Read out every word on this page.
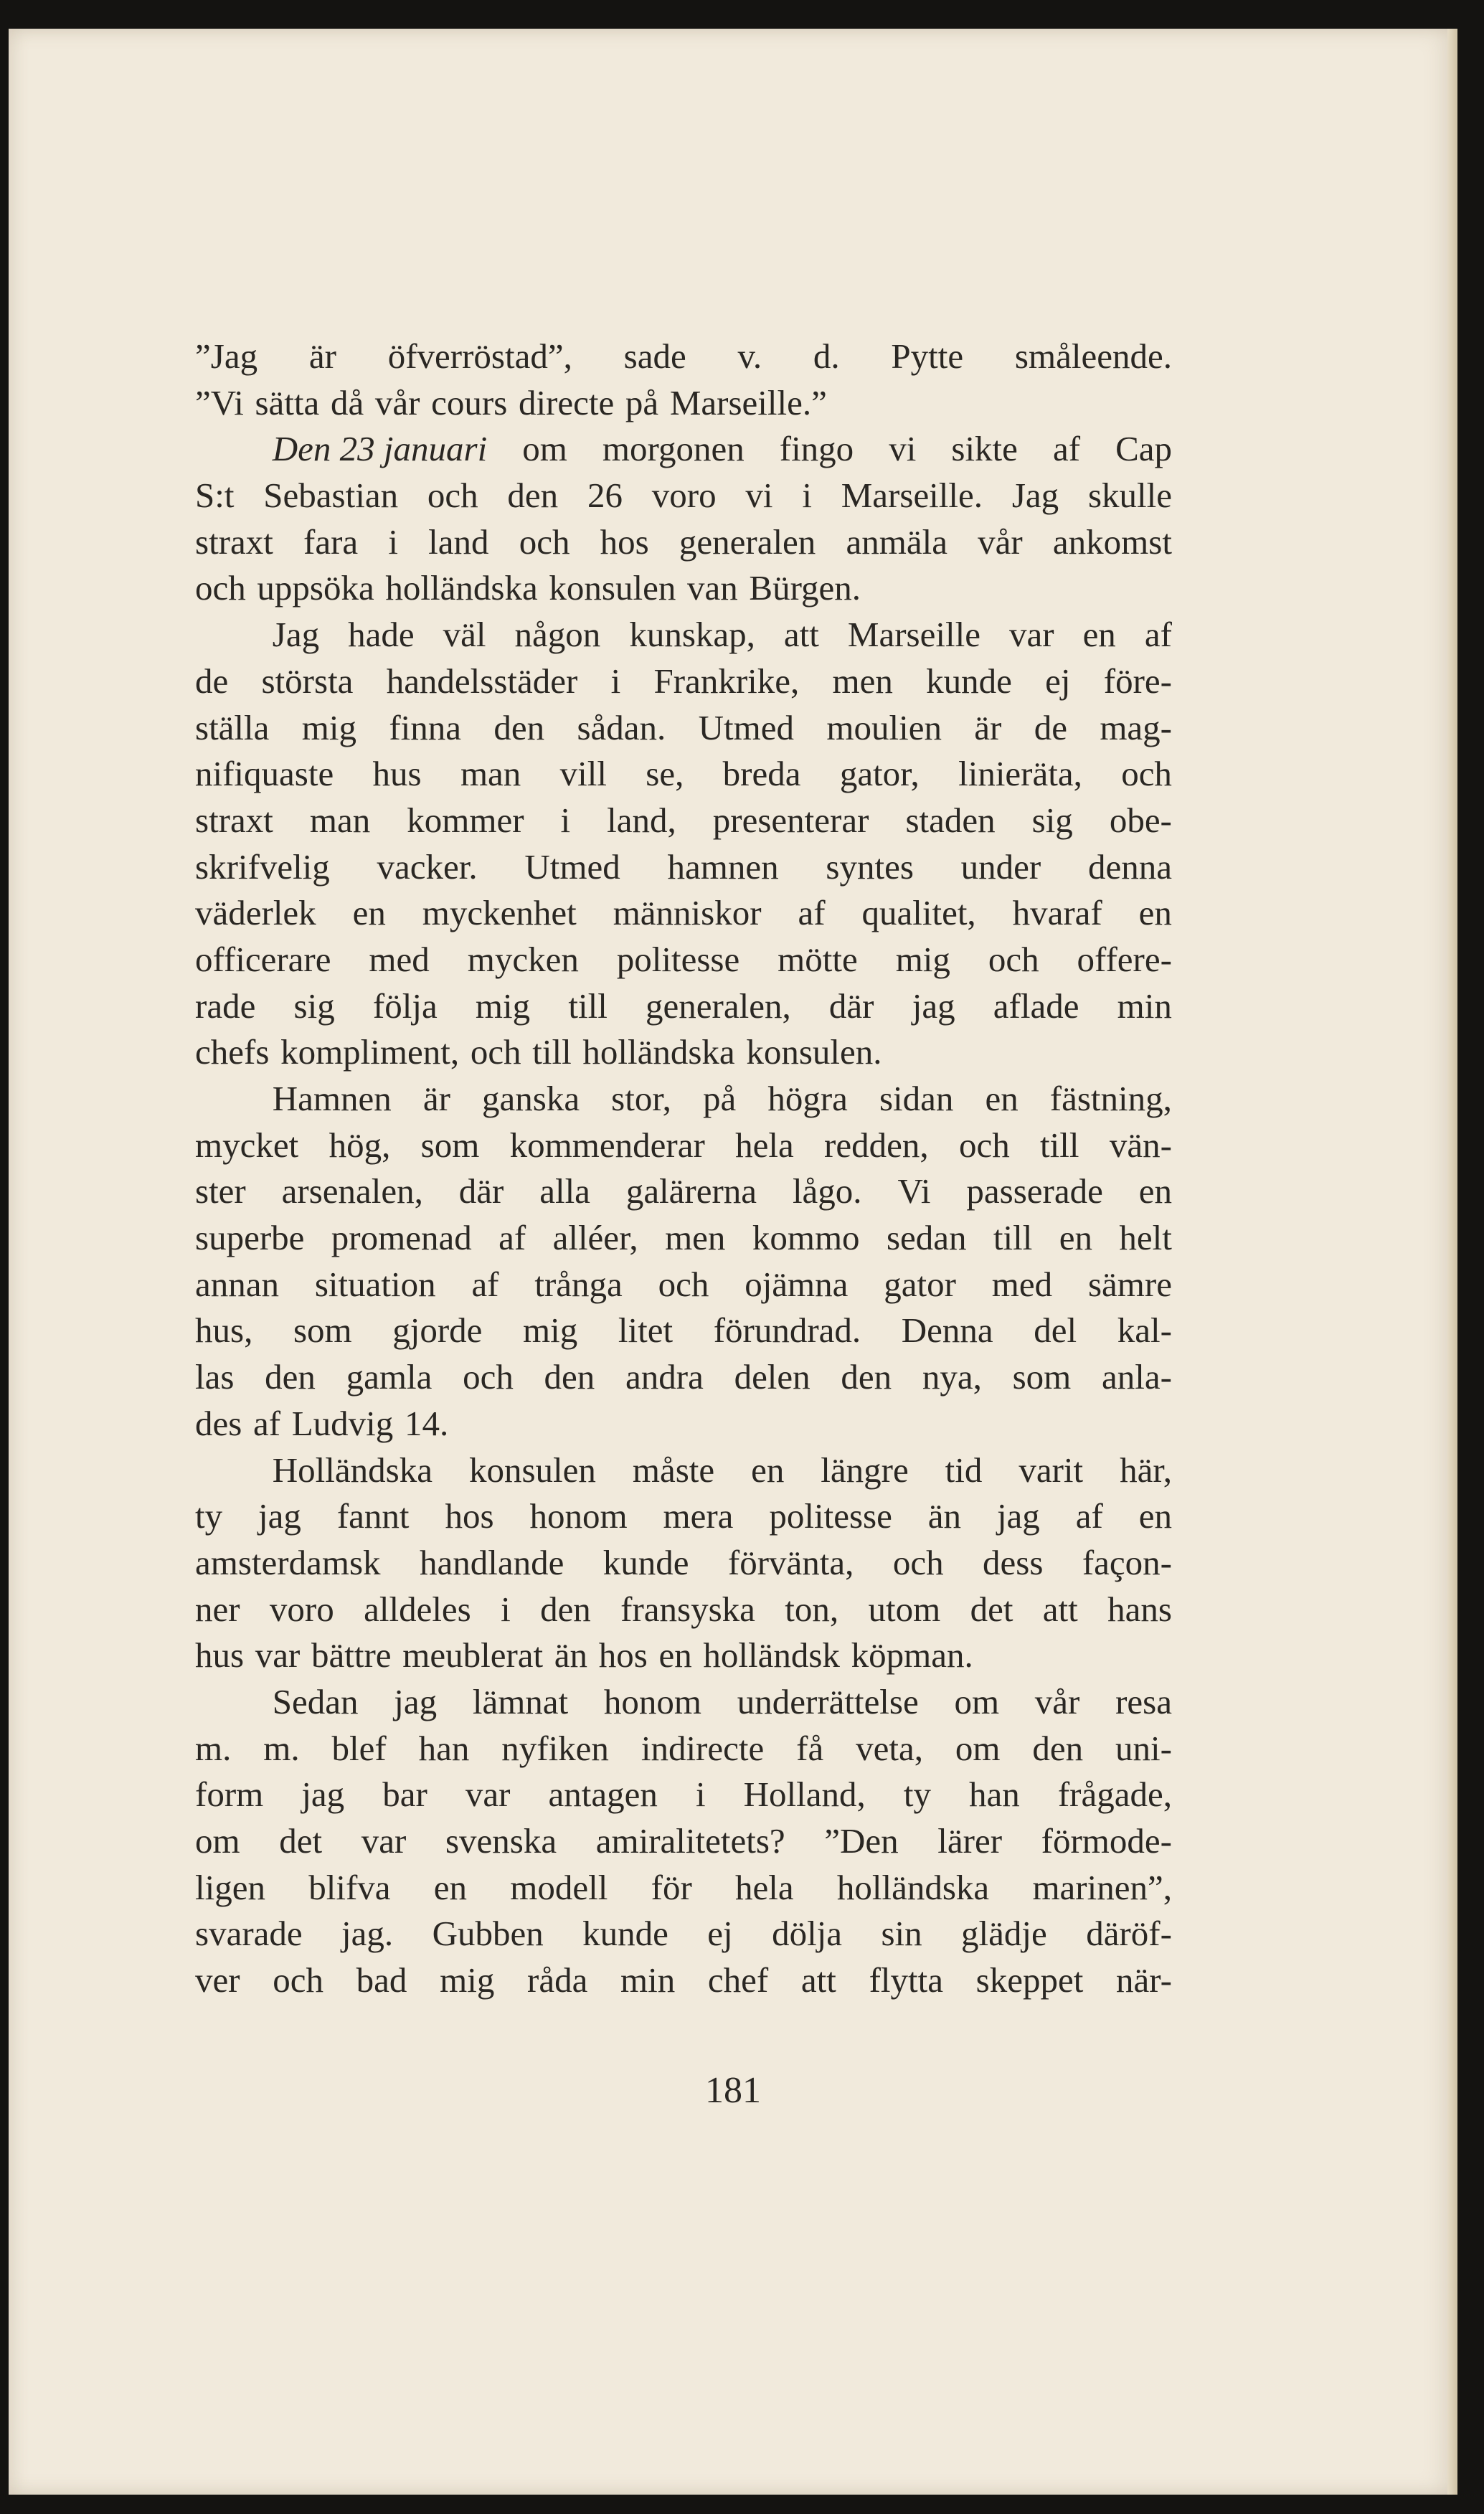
”Jag är öfverröstad”, sade v. d. Pytte småleende.
”Vi sätta då vår cours directe på Marseille.”
Den 23 januari om morgonen fingo vi sikte af Cap
S:t Sebastian och den 26 voro vi i Marseille. Jag skulle
straxt fara i land och hos generalen anmäla vår ankomst
och uppsöka holländska konsulen van Bürgen.
Jag hade väl någon kunskap, att Marseille var en af
de största handelsstäder i Frankrike, men kunde ej före-
ställa mig finna den sådan. Utmed moulien är de mag-
nifiquaste hus man vill se, breda gator, linieräta, och
straxt man kommer i land, presenterar staden sig obe-
skrifvelig vacker. Utmed hamnen syntes under denna
väderlek en myckenhet människor af qualitet, hvaraf en
officerare med mycken politesse mötte mig och offere-
rade sig följa mig till generalen, där jag aflade min
chefs kompliment, och till holländska konsulen.
Hamnen är ganska stor, på högra sidan en fästning,
mycket hög, som kommenderar hela redden, och till vän-
ster arsenalen, där alla galärerna lågo. Vi passerade en
superbe promenad af alléer, men kommo sedan till en helt
annan situation af trånga och ojämna gator med sämre
hus, som gjorde mig litet förundrad. Denna del kal-
las den gamla och den andra delen den nya, som anla-
des af Ludvig 14.
Holländska konsulen måste en längre tid varit här,
ty jag fannt hos honom mera politesse än jag af en
amsterdamsk handlande kunde förvänta, och dess façon-
ner voro alldeles i den fransyska ton, utom det att hans
hus var bättre meublerat än hos en holländsk köpman.
Sedan jag lämnat honom underrättelse om vår resa
m. m. blef han nyfiken indirecte få veta, om den uni-
form jag bar var antagen i Holland, ty han frågade,
om det var svenska amiralitetets? ”Den lärer förmode-
ligen blifva en modell för hela holländska marinen”,
svarade jag. Gubben kunde ej dölja sin glädje däröf-
ver och bad mig råda min chef att flytta skeppet när-
181
